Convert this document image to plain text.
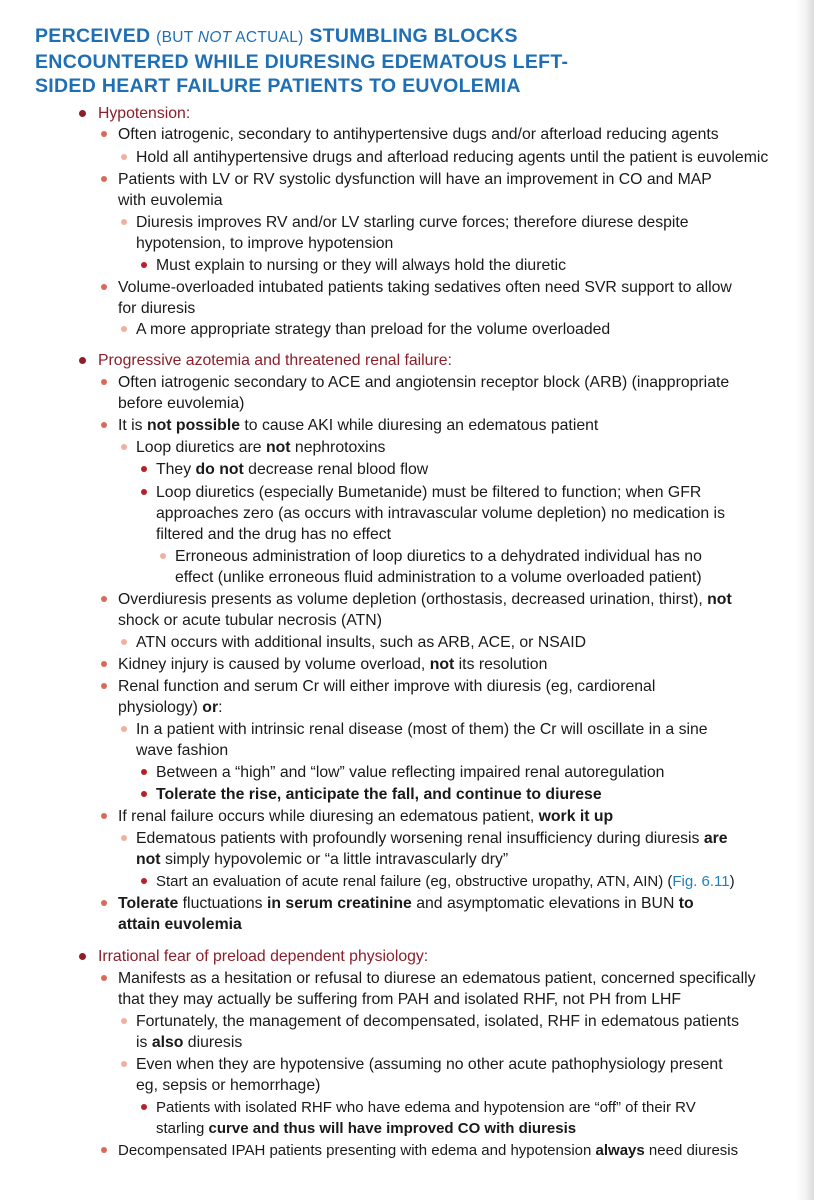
PERCEIVED (BUT NOT ACTUAL) STUMBLING BLOCKS
ENCOUNTERED WHILE DIURESING EDEMATOUS LEFT-
SIDED HEART FAILURE PATIENTS TO EUVOLEMIA
Hypotension:
Often iatrogenic, secondary to antihypertensive dugs and/or afterload reducing agents
Hold all antihypertensive drugs and afterload reducing agents until the patient is euvolemic
Patients with LV or RV systolic dysfunction will have an improvement in CO and MAP
with euvolemia
Diuresis improves RV and/or LV starling curve forces; therefore diurese despite
hypotension, to improve hypotension
Must explain to nursing or they will always hold the diuretic
Volume-overloaded intubated patients taking sedatives often need SVR support to allow
for diuresis
A more appropriate strategy than preload for the volume overloaded
Progressive azotemia and threatened renal failure:
Often iatrogenic secondary to ACE and angiotensin receptor block (ARB) (inappropriate
before euvolemia)
It is not possible to cause AKI while diuresing an edematous patient
Loop diuretics are not nephrotoxins
They do not decrease renal blood flow
Loop diuretics (especially Bumetanide) must be filtered to function; when GFR
approaches zero (as occurs with intravascular volume depletion) no medication is
filtered and the drug has no effect
Erroneous administration of loop diuretics to a dehydrated individual has no
effect (unlike erroneous fluid administration to a volume overloaded patient)
Overdiuresis presents as volume depletion (orthostasis, decreased urination, thirst), not
shock or acute tubular necrosis (ATN)
ATN occurs with additional insults, such as ARB, ACE, or NSAID
Kidney injury is caused by volume overload, not its resolution
Renal function and serum Cr will either improve with diuresis (eg, cardiorenal
physiology) or:
In a patient with intrinsic renal disease (most of them) the Cr will oscillate in a sine
wave fashion
Between a “high” and “low” value reflecting impaired renal autoregulation
Tolerate the rise, anticipate the fall, and continue to diurese
If renal failure occurs while diuresing an edematous patient, work it up
Edematous patients with profoundly worsening renal insufficiency during diuresis are
not simply hypovolemic or “a little intravascularly dry”
Start an evaluation of acute renal failure (eg, obstructive uropathy, ATN, AIN) (Fig. 6.11)
Tolerate fluctuations in serum creatinine and asymptomatic elevations in BUN to
attain euvolemia
Irrational fear of preload dependent physiology:
Manifests as a hesitation or refusal to diurese an edematous patient, concerned specifically
that they may actually be suffering from PAH and isolated RHF, not PH from LHF
Fortunately, the management of decompensated, isolated, RHF in edematous patients
is also diuresis
Even when they are hypotensive (assuming no other acute pathophysiology present
eg, sepsis or hemorrhage)
Patients with isolated RHF who have edema and hypotension are “off” of their RV
starling curve and thus will have improved CO with diuresis
Decompensated IPAH patients presenting with edema and hypotension always need diuresis
